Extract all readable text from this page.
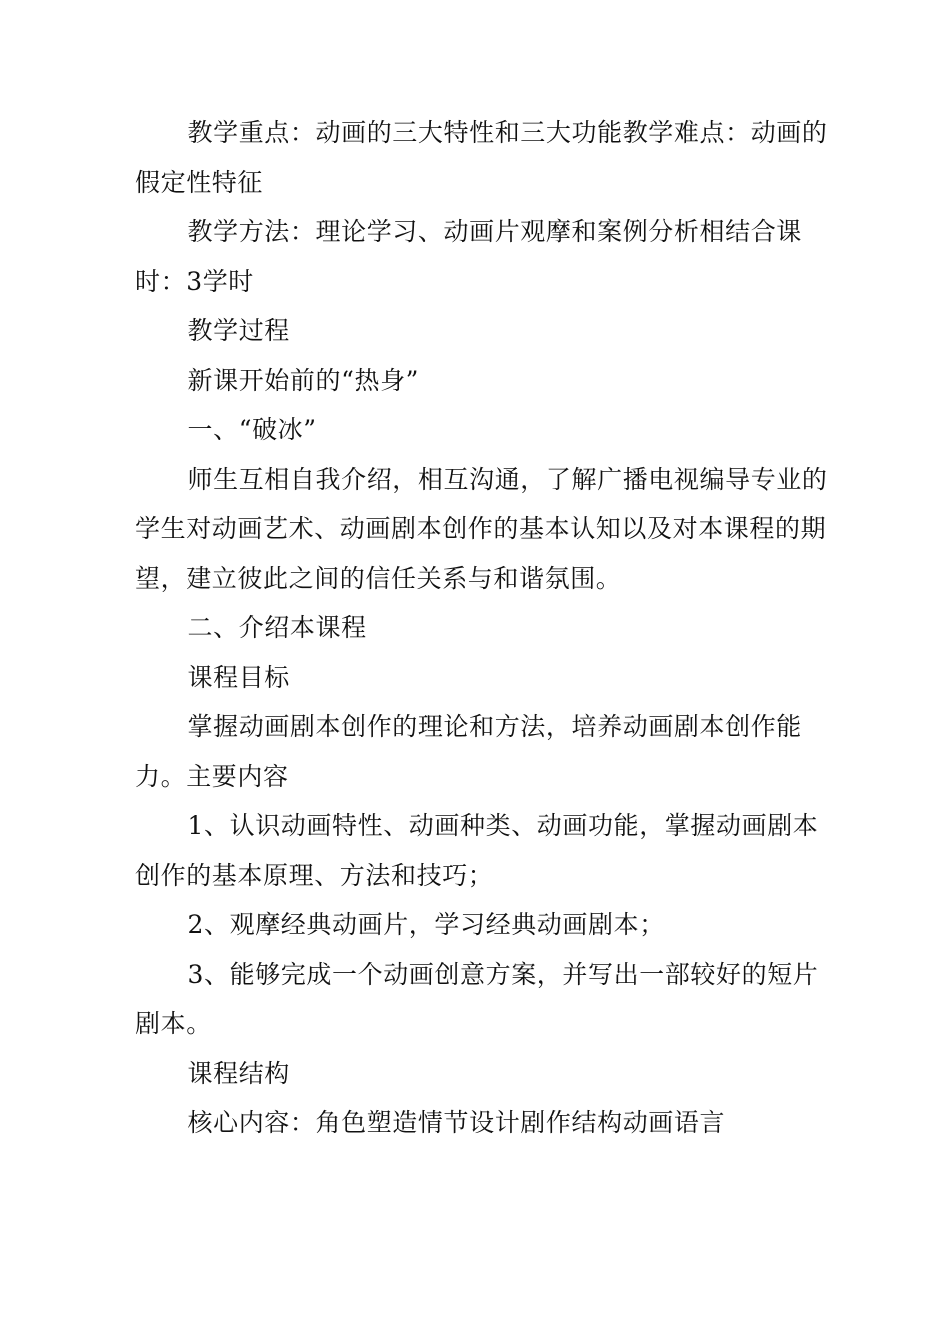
教学重点：动画的三大特性和三大功能教学难点：动画的假定性特征

教学方法：理论学习、动画片观摩和案例分析相结合课时：3学时

教学过程

新课开始前的“热身”

一、“破冰”

师生互相自我介绍，相互沟通，了解广播电视编导专业的学生对动画艺术、动画剧本创作的基本认知以及对本课程的期望，建立彼此之间的信任关系与和谐氛围。

二、介绍本课程

课程目标

掌握动画剧本创作的理论和方法，培养动画剧本创作能力。主要内容

1、认识动画特性、动画种类、动画功能，掌握动画剧本创作的基本原理、方法和技巧；

2、观摩经典动画片，学习经典动画剧本；

3、能够完成一个动画创意方案，并写出一部较好的短片剧本。

课程结构

核心内容：角色塑造情节设计剧作结构动画语言
